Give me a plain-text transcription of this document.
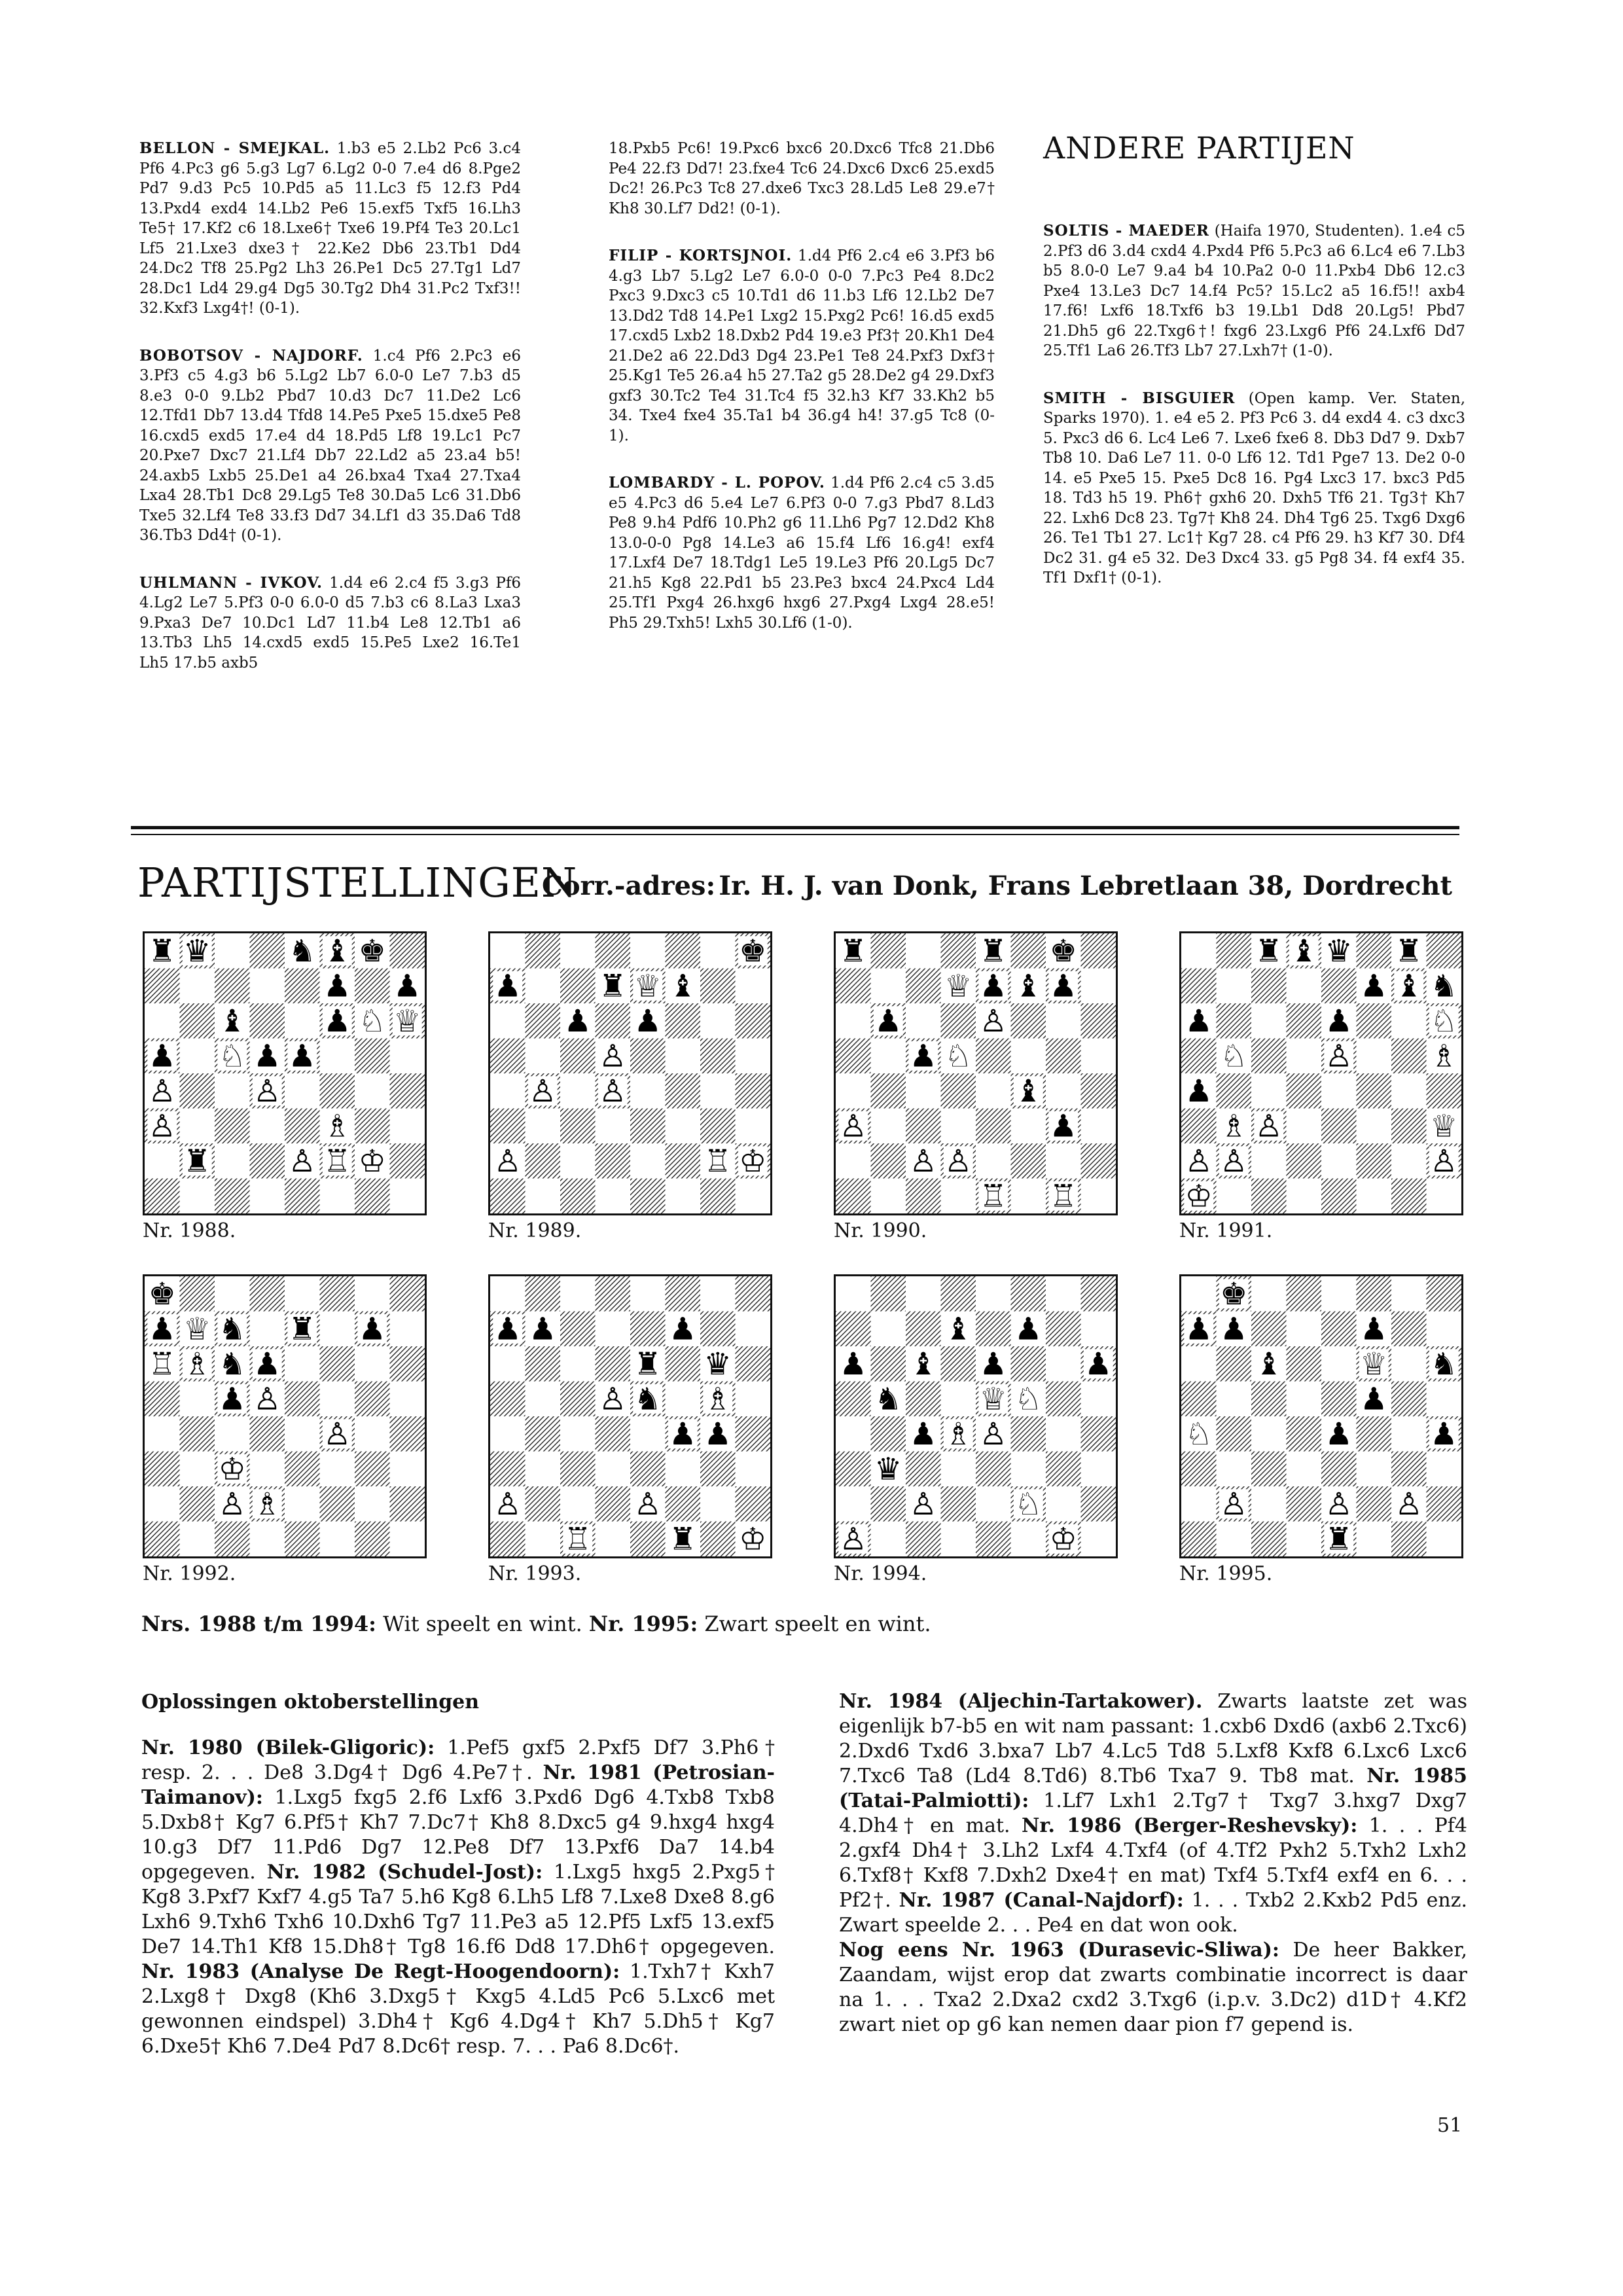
BELLON - SMEJKAL. 1.b3 e5 2.Lb2 Pc6 3.c4 Pf6 4.Pc3 g6 5.g3 Lg7 6.Lg2 0-0 7.e4 d6 8.Pge2 Pd7 9.d3 Pc5 10.Pd5 a5 11.Lc3 f5 12.f3 Pd4 13.Pxd4 exd4 14.Lb2 Pe6 15.exf5 Txf5 16.Lh3 Te5† 17.Kf2 c6 18.Lxe6† Txe6 19.Pf4 Te3 20.Lc1 Lf5 21.Lxe3 dxe3† 22.Ke2 Db6 23.Tb1 Dd4 24.Dc2 Tf8 25.Pg2 Lh3 26.Pe1 Dc5 27.Tg1 Ld7 28.Dc1 Ld4 29.g4 Dg5 30.Tg2 Dh4 31.Pc2 Txf3!! 32.Kxf3 Lxg4†! (0-1).
BOBOTSOV - NAJDORF. 1.c4 Pf6 2.Pc3 e6 3.Pf3 c5 4.g3 b6 5.Lg2 Lb7 6.0-0 Le7 7.b3 d5 8.e3 0-0 9.Lb2 Pbd7 10.d3 Dc7 11.De2 Lc6 12.Tfd1 Db7 13.d4 Tfd8 14.Pe5 Pxe5 15.dxe5 Pe8 16.cxd5 exd5 17.e4 d4 18.Pd5 Lf8 19.Lc1 Pc7 20.Pxe7 Dxc7 21.Lf4 Db7 22.Ld2 a5 23.a4 b5! 24.axb5 Lxb5 25.De1 a4 26.bxa4 Txa4 27.Txa4 Lxa4 28.Tb1 Dc8 29.Lg5 Te8 30.Da5 Lc6 31.Db6 Txe5 32.Lf4 Te8 33.f3 Dd7 34.Lf1 d3 35.Da6 Td8 36.Tb3 Dd4† (0-1).
UHLMANN - IVKOV. 1.d4 e6 2.c4 f5 3.g3 Pf6 4.Lg2 Le7 5.Pf3 0-0 6.0-0 d5 7.b3 c6 8.La3 Lxa3 9.Pxa3 De7 10.Dc1 Ld7 11.b4 Le8 12.Tb1 a6 13.Tb3 Lh5 14.cxd5 exd5 15.Pe5 Lxe2 16.Te1 Lh5 17.b5 axb5
18.Pxb5 Pc6! 19.Pxc6 bxc6 20.Dxc6 Tfc8 21.Db6 Pe4 22.f3 Dd7! 23.fxe4 Tc6 24.Dxc6 Dxc6 25.exd5 Dc2! 26.Pc3 Tc8 27.dxe6 Txc3 28.Ld5 Le8 29.e7† Kh8 30.Lf7 Dd2! (0-1).
FILIP - KORTSJNOI. 1.d4 Pf6 2.c4 e6 3.Pf3 b6 4.g3 Lb7 5.Lg2 Le7 6.0-0 0-0 7.Pc3 Pe4 8.Dc2 Pxc3 9.Dxc3 c5 10.Td1 d6 11.b3 Lf6 12.Lb2 De7 13.Dd2 Td8 14.Pe1 Lxg2 15.Pxg2 Pc6! 16.d5 exd5 17.cxd5 Lxb2 18.Dxb2 Pd4 19.e3 Pf3† 20.Kh1 De4 21.De2 a6 22.Dd3 Dg4 23.Pe1 Te8 24.Pxf3 Dxf3† 25.Kg1 Te5 26.a4 h5 27.Ta2 g5 28.De2 g4 29.Dxf3 gxf3 30.Tc2 Te4 31.Tc4 f5 32.h3 Kf7 33.Kh2 b5 34. Txe4 fxe4 35.Ta1 b4 36.g4 h4! 37.g5 Tc8 (0-1).
LOMBARDY - L. POPOV. 1.d4 Pf6 2.c4 c5 3.d5 e5 4.Pc3 d6 5.e4 Le7 6.Pf3 0-0 7.g3 Pbd7 8.Ld3 Pe8 9.h4 Pdf6 10.Ph2 g6 11.Lh6 Pg7 12.Dd2 Kh8 13.0-0-0 Pg8 14.Le3 a6 15.f4 Lf6 16.g4! exf4 17.Lxf4 De7 18.Tdg1 Le5 19.Le3 Pf6 20.Lg5 Dc7 21.h5 Kg8 22.Pd1 b5 23.Pe3 bxc4 24.Pxc4 Ld4 25.Tf1 Pxg4 26.hxg6 hxg6 27.Pxg4 Lxg4 28.e5! Ph5 29.Txh5! Lxh5 30.Lf6 (1-0).
ANDERE PARTIJEN
SOLTIS - MAEDER (Haifa 1970, Studenten). 1.e4 c5 2.Pf3 d6 3.d4 cxd4 4.Pxd4 Pf6 5.Pc3 a6 6.Lc4 e6 7.Lb3 b5 8.0-0 Le7 9.a4 b4 10.Pa2 0-0 11.Pxb4 Db6 12.c3 Pxe4 13.Le3 Dc7 14.f4 Pc5? 15.Lc2 a5 16.f5!! axb4 17.f6! Lxf6 18.Txf6 b3 19.Lb1 Dd8 20.Lg5! Pbd7 21.Dh5 g6 22.Txg6†! fxg6 23.Lxg6 Pf6 24.Lxf6 Dd7 25.Tf1 La6 26.Tf3 Lb7 27.Lxh7† (1-0).
SMITH - BISGUIER (Open kamp. Ver. Staten, Sparks 1970). 1. e4 e5 2. Pf3 Pc6 3. d4 exd4 4. c3 dxc3 5. Pxc3 d6 6. Lc4 Le6 7. Lxe6 fxe6 8. Db3 Dd7 9. Dxb7 Tb8 10. Da6 Le7 11. 0-0 Lf6 12. Td1 Pge7 13. De2 0-0 14. e5 Pxe5 15. Pxe5 Dc8 16. Pg4 Lxc3 17. bxc3 Pd5 18. Td3 h5 19. Ph6† gxh6 20. Dxh5 Tf6 21. Tg3† Kh7 22. Lxh6 Dc8 23. Tg7† Kh8 24. Dh4 Tg6 25. Txg6 Dxg6 26. Te1 Tb1 27. Lc1† Kg7 28. c4 Pf6 29. h3 Kf7 30. Df4 Dc2 31. g4 e5 32. De3 Dxc4 33. g5 Pg8 34. f4 exf4 35. Tf1 Dxf1† (0-1).
PARTIJSTELLINGEN
Corr.-adres: Ir. H. J. van Donk, Frans Lebretlaan 38, Dordrecht
♜ ♛	♞ ♝ ♚
♟ ♟
♝	♟ ♘ ♕
♟ ♘ ♟ ♟
♙	♙
♙	♗
♜	♙ ♖ ♔
Nr. 1988.
♚
♟	♜ ♕ ♝
♟ ♟
♙
♙ ♙
♙	♖ ♔
Nr. 1989.
♜	♜ ♚
♕ ♟ ♝ ♟
♟	♙
♟ ♘
♝
♙	♟
♙ ♙
♖ ♖
Nr. 1990.
♜ ♝ ♛ ♜
♟ ♝ ♞
♟	♟	♘
♘	♙	♗
♟
♗ ♙	♕
♙ ♙	♙
♔
Nr. 1991.
♚
♟ ♕ ♞ ♜ ♟
♖ ♗ ♞ ♟
♟ ♙
♙
♔
♙ ♗
Nr. 1992.
♟ ♟	♟
♜ ♛
♙ ♞ ♗
♟ ♟
♙	♙
♖	♜ ♔
Nr. 1993.
♝ ♟
♟ ♝ ♟	♟
♞	♕ ♘
♟ ♗ ♙
♛
♙	♘
♙	♔
Nr. 1994.
♚
♟ ♟	♟
♝	♕ ♞
♟
♘	♟	♟
♙	♙ ♙
♜
Nr. 1995.
Nrs. 1988 t/m 1994: Wit speelt en wint. Nr. 1995: Zwart speelt en wint.
Oplossingen oktoberstellingen
Nr. 1980 (Bilek-Gligoric): 1.Pef5 gxf5 2.Pxf5 Df7 3.Ph6† resp. 2. . . De8 3.Dg4† Dg6 4.Pe7†. Nr. 1981 (Petrosian-Taimanov): 1.Lxg5 fxg5 2.f6 Lxf6 3.Pxd6 Dg6 4.Txb8 Txb8 5.Dxb8† Kg7 6.Pf5† Kh7 7.Dc7† Kh8 8.Dxc5 g4 9.hxg4 hxg4 10.g3 Df7 11.Pd6 Dg7 12.Pe8 Df7 13.Pxf6 Da7 14.b4 opgegeven. Nr. 1982 (Schudel-Jost): 1.Lxg5 hxg5 2.Pxg5† Kg8 3.Pxf7 Kxf7 4.g5 Ta7 5.h6 Kg8 6.Lh5 Lf8 7.Lxe8 Dxe8 8.g6 Lxh6 9.Txh6 Txh6 10.Dxh6 Tg7 11.Pe3 a5 12.Pf5 Lxf5 13.exf5 De7 14.Th1 Kf8 15.Dh8† Tg8 16.f6 Dd8 17.Dh6† opgegeven. Nr. 1983 (Analyse De Regt-Hoogendoorn): 1.Txh7† Kxh7 2.Lxg8† Dxg8 (Kh6 3.Dxg5† Kxg5 4.Ld5 Pc6 5.Lxc6 met gewonnen eindspel) 3.Dh4† Kg6 4.Dg4† Kh7 5.Dh5† Kg7 6.Dxe5† Kh6 7.De4 Pd7 8.Dc6† resp. 7. . . Pa6 8.Dc6†.
Nr. 1984 (Aljechin-Tartakower). Zwarts laatste zet was eigenlijk b7-b5 en wit nam passant: 1.cxb6 Dxd6 (axb6 2.Txc6) 2.Dxd6 Txd6 3.bxa7 Lb7 4.Lc5 Td8 5.Lxf8 Kxf8 6.Lxc6 Lxc6 7.Txc6 Ta8 (Ld4 8.Td6) 8.Tb6 Txa7 9. Tb8 mat. Nr. 1985 (Tatai-Palmiotti): 1.Lf7 Lxh1 2.Tg7† Txg7 3.hxg7 Dxg7 4.Dh4† en mat. Nr. 1986 (Berger-Reshevsky): 1. . . Pf4 2.gxf4 Dh4† 3.Lh2 Lxf4 4.Txf4 (of 4.Tf2 Pxh2 5.Txh2 Lxh2 6.Txf8† Kxf8 7.Dxh2 Dxe4† en mat) Txf4 5.Txf4 exf4 en 6. . . Pf2†. Nr. 1987 (Canal-Najdorf): 1. . . Txb2 2.Kxb2 Pd5 enz. Zwart speelde 2. . . Pe4 en dat won ook.
Nog eens Nr. 1963 (Durasevic-Sliwa): De heer Bakker, Zaandam, wijst erop dat zwarts combinatie incorrect is daar na 1. . . Txa2 2.Dxa2 cxd2 3.Txg6 (i.p.v. 3.Dc2) d1D† 4.Kf2 zwart niet op g6 kan nemen daar pion f7 gepend is.
51
